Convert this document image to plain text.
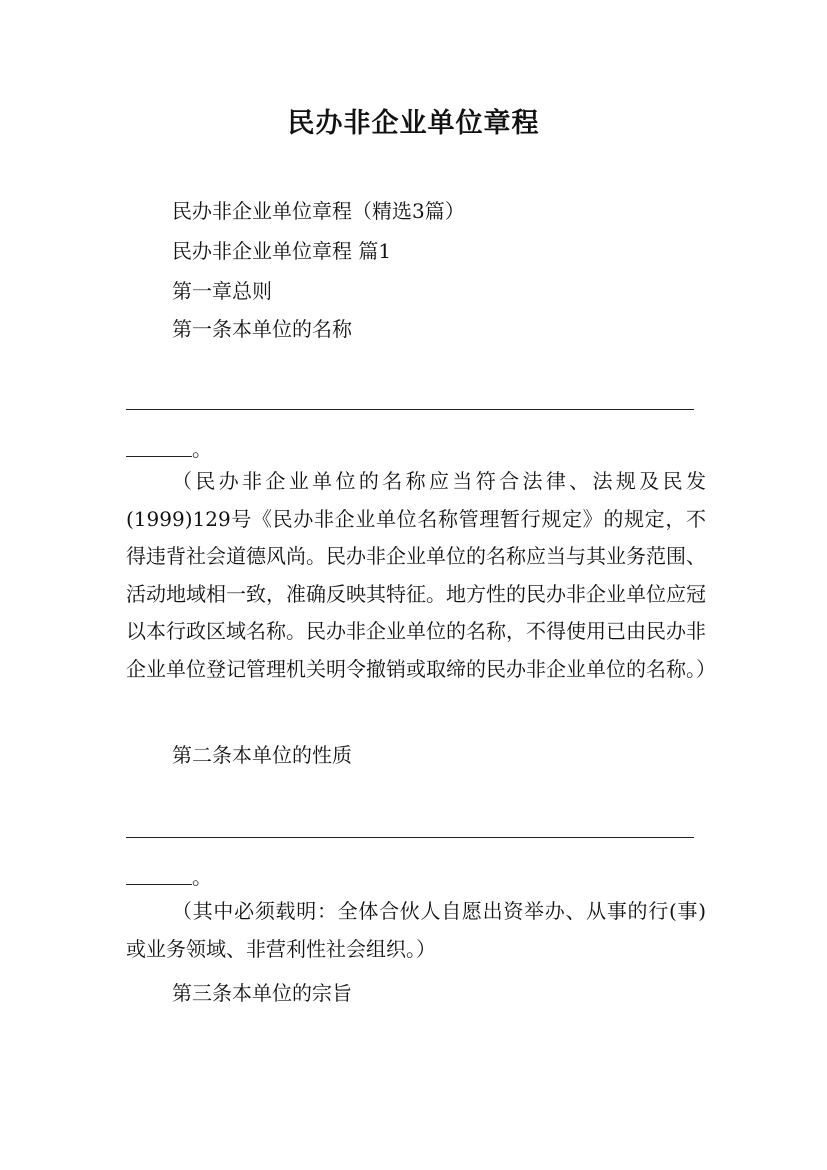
民办非企业单位章程
民办非企业单位章程（精选3篇）
民办非企业单位章程 篇1
第一章总则
第一条本单位的名称
。
（民办非企业单位的名称应当符合法律、法规及民发(1999)129号《民办非企业单位名称管理暂行规定》的规定，不得违背社会道德风尚。民办非企业单位的名称应当与其业务范围、活动地域相一致，准确反映其特征。地方性的民办非企业单位应冠以本行政区域名称。民办非企业单位的名称，不得使用已由民办非企业单位登记管理机关明令撤销或取缔的民办非企业单位的名称。）
第二条本单位的性质
。
（其中必须载明：全体合伙人自愿出资举办、从事的行(事)或业务领域、非营利性社会组织。）
第三条本单位的宗旨
